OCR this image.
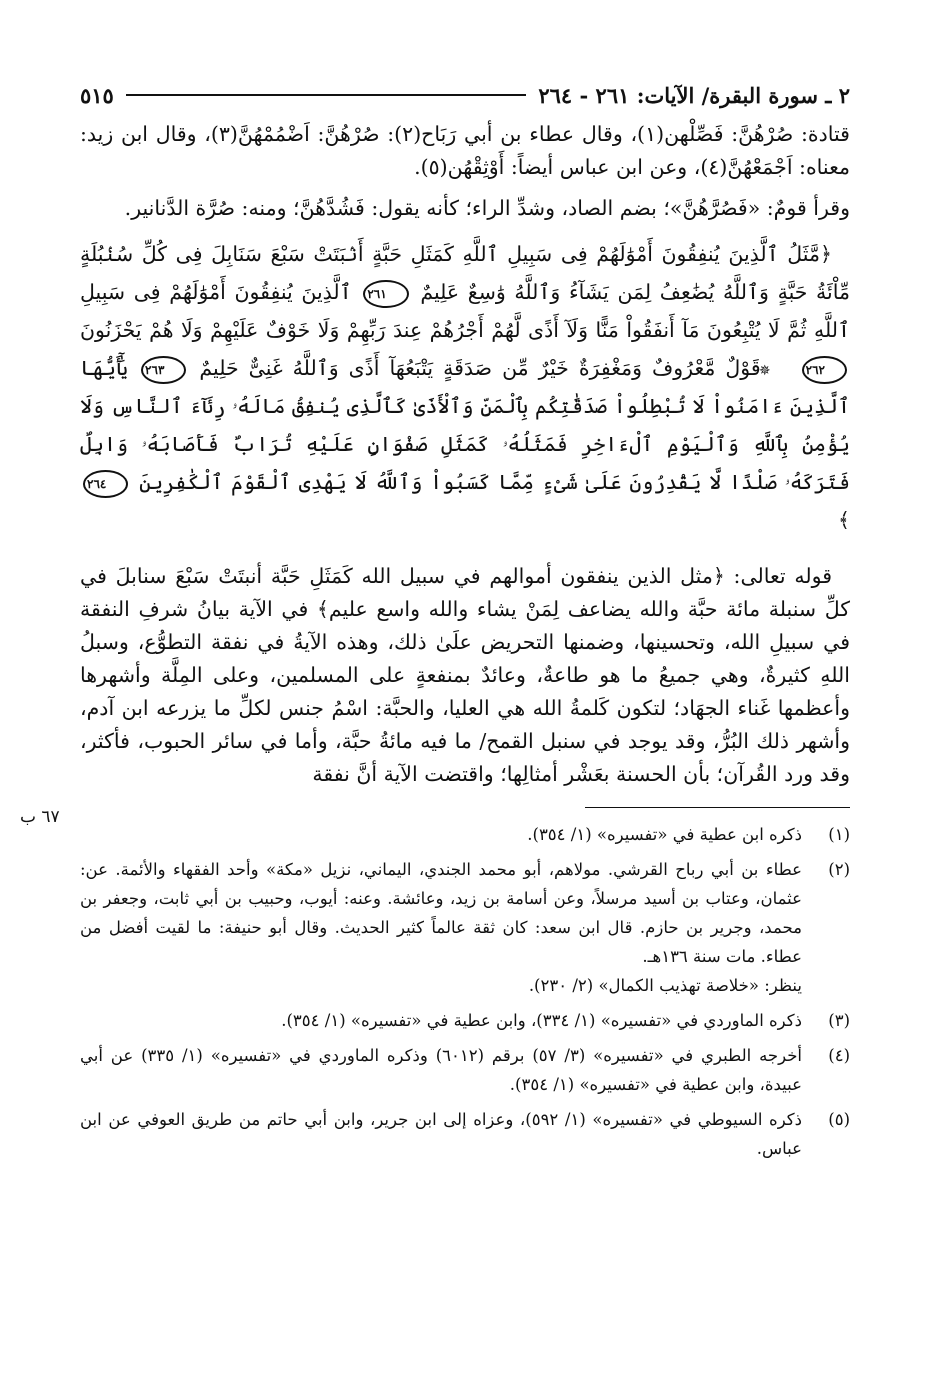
٢ ـ سورة البقرة/ الآيات: ٢٦١ - ٢٦٤
٥١٥

قتادة: صُرْهُنَّ: فَصِّلْهن(١)، وقال عطاء بن أبي رَبَاح(٢): صُرْهُنَّ: اَضْمُمْهُنَّ(٣)، وقال ابن زيد: معناه: اَجْمَعْهُنَّ(٤)، وعن ابن عباس أيضاً: أَوْثِقْهُن(٥).

وقرأ قومٌ: «فَصُرَّهُنَّ»؛ بضم الصاد، وشدِّ الراء؛ كأنه يقول: فَشُدَّهُنَّ؛ ومنه: صُرَّة الدَّنانير.

﴿مَّثَلُ ٱلَّذِينَ يُنفِقُونَ أَمْوَٰلَهُمْ فِى سَبِيلِ ٱللَّهِ كَمَثَلِ حَبَّةٍ أَنۢبَتَتْ سَبْعَ سَنَابِلَ فِى كُلِّ سُنۢبُلَةٍ مِّاْئَةُ حَبَّةٍ وَٱللَّهُ يُضَٰعِفُ لِمَن يَشَآءُ وَٱللَّهُ وَٰسِعٌ عَلِيمٌ ٢٦١ ٱلَّذِينَ يُنفِقُونَ أَمْوَٰلَهُمْ فِى سَبِيلِ ٱللَّهِ ثُمَّ لَا يُتْبِعُونَ مَآ أَنفَقُواْ مَنًّا وَلَآ أَذًى لَّهُمْ أَجْرُهُمْ عِندَ رَبِّهِمْ وَلَا خَوْفٌ عَلَيْهِمْ وَلَا هُمْ يَحْزَنُونَ ٢٦٢ ✵ قَوْلٌ مَّعْرُوفٌ وَمَغْفِرَةٌ خَيْرٌ مِّن صَدَقَةٍ يَتْبَعُهَآ أَذًى وَٱللَّهُ غَنِىٌّ حَلِيمٌ ٢٦٣ يَٰٓأَيُّهَا ٱلَّذِينَ ءَامَنُواْ لَا تُبْطِلُواْ صَدَقَٰتِكُم بِٱلْمَنِّ وَٱلْأَذَىٰ كَٱلَّذِى يُنفِقُ مَالَهُۥ رِئَآءَ ٱلنَّاسِ وَلَا يُؤْمِنُ بِٱللَّهِ وَٱلْيَوْمِ ٱلْءَاخِرِ فَمَثَلُهُۥ كَمَثَلِ صَفْوَانٍ عَلَيْهِ تُرَابٌ فَأَصَابَهُۥ وَابِلٌ فَتَرَكَهُۥ صَلْدًا لَّا يَقْدِرُونَ عَلَىٰ شَىْءٍ مِّمَّا كَسَبُواْ وَٱللَّهُ لَا يَهْدِى ٱلْقَوْمَ ٱلْكَٰفِرِينَ ٢٦٤ ﴾

قوله تعالى: ﴿مثل الذين ينفقون أموالهم في سبيل الله كَمَثَلِ حَبَّة أنبتَتْ سَبْعَ سنابلَ في كلِّ سنبلة مائة حبَّة والله يضاعف لِمَنْ يشاء والله واسع عليم﴾ في الآية بيانُ شرفِ النفقة في سبيلِ الله، وتحسينها، وضمنها التحريض علَىٰ ذلك، وهذه الآيةُ في نفقة التطوُّع، وسبلُ اللهِ كثيرةٌ، وهي جميعُ ما هو طاعةٌ، وعائدٌ بمنفعةٍ على المسلمين، وعلى المِلَّة وأشهرها وأعظمها غَناء الجهَاد؛ لتكون كَلمةُ الله هي العليا، والحبَّة: اسْمُ جنس لكلِّ ما يزرعه ابن آدم، وأشهر ذلك البُرُّ، وقد يوجد في سنبل القمح/ ما فيه مائةُ حبَّة، وأما في سائر الحبوب، فأكثر، وقد ورد القُرآن؛ بأن الحسنة بعَشْر أمثالِها؛ واقتضت الآية أنَّ نفقة

(١)
ذكره ابن عطية في «تفسيره» (١/ ٣٥٤).
(٢)
عطاء بن أبي رباح القرشي. مولاهم، أبو محمد الجندي، اليماني، نزيل «مكة» وأحد الفقهاء والأئمة. عن: عثمان، وعتاب بن أسيد مرسلاً، وعن أسامة بن زيد، وعائشة. وعنه: أيوب، وحبيب بن أبي ثابت، وجعفر بن محمد، وجرير بن حازم. قال ابن سعد: كان ثقة عالماً كثير الحديث. وقال أبو حنيفة: ما لقيت أفضل من عطاء. مات سنة ١٣٦هـ.
ينظر: «خلاصة تهذيب الكمال» (٢/ ٢٣٠).
(٣)
ذكره الماوردي في «تفسيره» (١/ ٣٣٤)، وابن عطية في «تفسيره» (١/ ٣٥٤).
(٤)
أخرجه الطبري في «تفسيره» (٣/ ٥٧) برقم (٦٠١٢) وذكره الماوردي في «تفسيره» (١/ ٣٣٥) عن أبي عبيدة، وابن عطية في «تفسيره» (١/ ٣٥٤).
(٥)
ذكره السيوطي في «تفسيره» (١/ ٥٩٢)، وعزاه إلى ابن جرير، وابن أبي حاتم من طريق العوفي عن ابن عباس.
٦٧ ب
